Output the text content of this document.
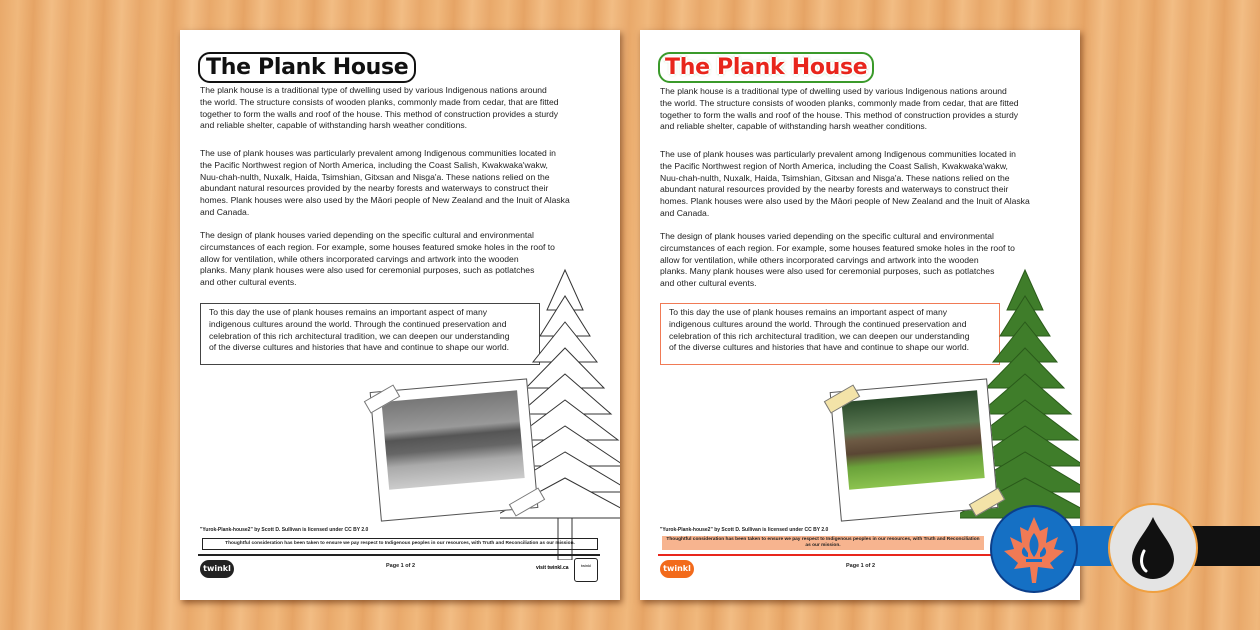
The Plank House
The plank house is a traditional type of dwelling used by various Indigenous nations around
the world. The structure consists of wooden planks, commonly made from cedar, that are fitted
together to form the walls and roof of the house. This method of construction provides a sturdy
and reliable shelter, capable of withstanding harsh weather conditions.
The use of plank houses was particularly prevalent among Indigenous communities located in
the Pacific Northwest region of North America, including the Coast Salish, Kwakwaka'wakw,
Nuu-chah-nulth, Nuxalk, Haida, Tsimshian, Gitxsan and Nisga'a. These nations relied on the
abundant natural resources provided by the nearby forests and waterways to construct their
homes. Plank houses were also used by the Māori people of New Zealand and the Inuit of Alaska
and Canada.
The design of plank houses varied depending on the specific cultural and environmental
circumstances of each region. For example, some houses featured smoke holes in the roof to
allow for ventilation, while others incorporated carvings and artwork into the wooden
planks. Many plank houses were also used for ceremonial purposes, such as potlatches
and other cultural events.
To this day the use of plank houses remains an important aspect of many
indigenous cultures around the world. Through the continued preservation and
celebration of this rich architectural tradition, we can deepen our understanding
of the diverse cultures and histories that have and continue to shape our world.
"Yurok-Plank-house2" by Scott D. Sullivan is licensed under CC BY 2.0
Thoughtful consideration has been taken to ensure we pay respect to Indigenous peoples in our resources, with Truth and Reconciliation as our mission.
twinkl	Page 1 of 2	visit twinkl.ca	twinkl
The Plank House
The plank house is a traditional type of dwelling used by various Indigenous nations around
the world. The structure consists of wooden planks, commonly made from cedar, that are fitted
together to form the walls and roof of the house. This method of construction provides a sturdy
and reliable shelter, capable of withstanding harsh weather conditions.
The use of plank houses was particularly prevalent among Indigenous communities located in
the Pacific Northwest region of North America, including the Coast Salish, Kwakwaka'wakw,
Nuu-chah-nulth, Nuxalk, Haida, Tsimshian, Gitxsan and Nisga'a. These nations relied on the
abundant natural resources provided by the nearby forests and waterways to construct their
homes. Plank houses were also used by the Māori people of New Zealand and the Inuit of Alaska
and Canada.
The design of plank houses varied depending on the specific cultural and environmental
circumstances of each region. For example, some houses featured smoke holes in the roof to
allow for ventilation, while others incorporated carvings and artwork into the wooden
planks. Many plank houses were also used for ceremonial purposes, such as potlatches
and other cultural events.
To this day the use of plank houses remains an important aspect of many
indigenous cultures around the world. Through the continued preservation and
celebration of this rich architectural tradition, we can deepen our understanding
of the diverse cultures and histories that have and continue to shape our world.
"Yurok-Plank-house2" by Scott D. Sullivan is licensed under CC BY 2.0
Thoughtful consideration has been taken to ensure we pay respect to Indigenous peoples in our resources, with Truth and Reconciliation as our mission.
twinkl	Page 1 of 2
